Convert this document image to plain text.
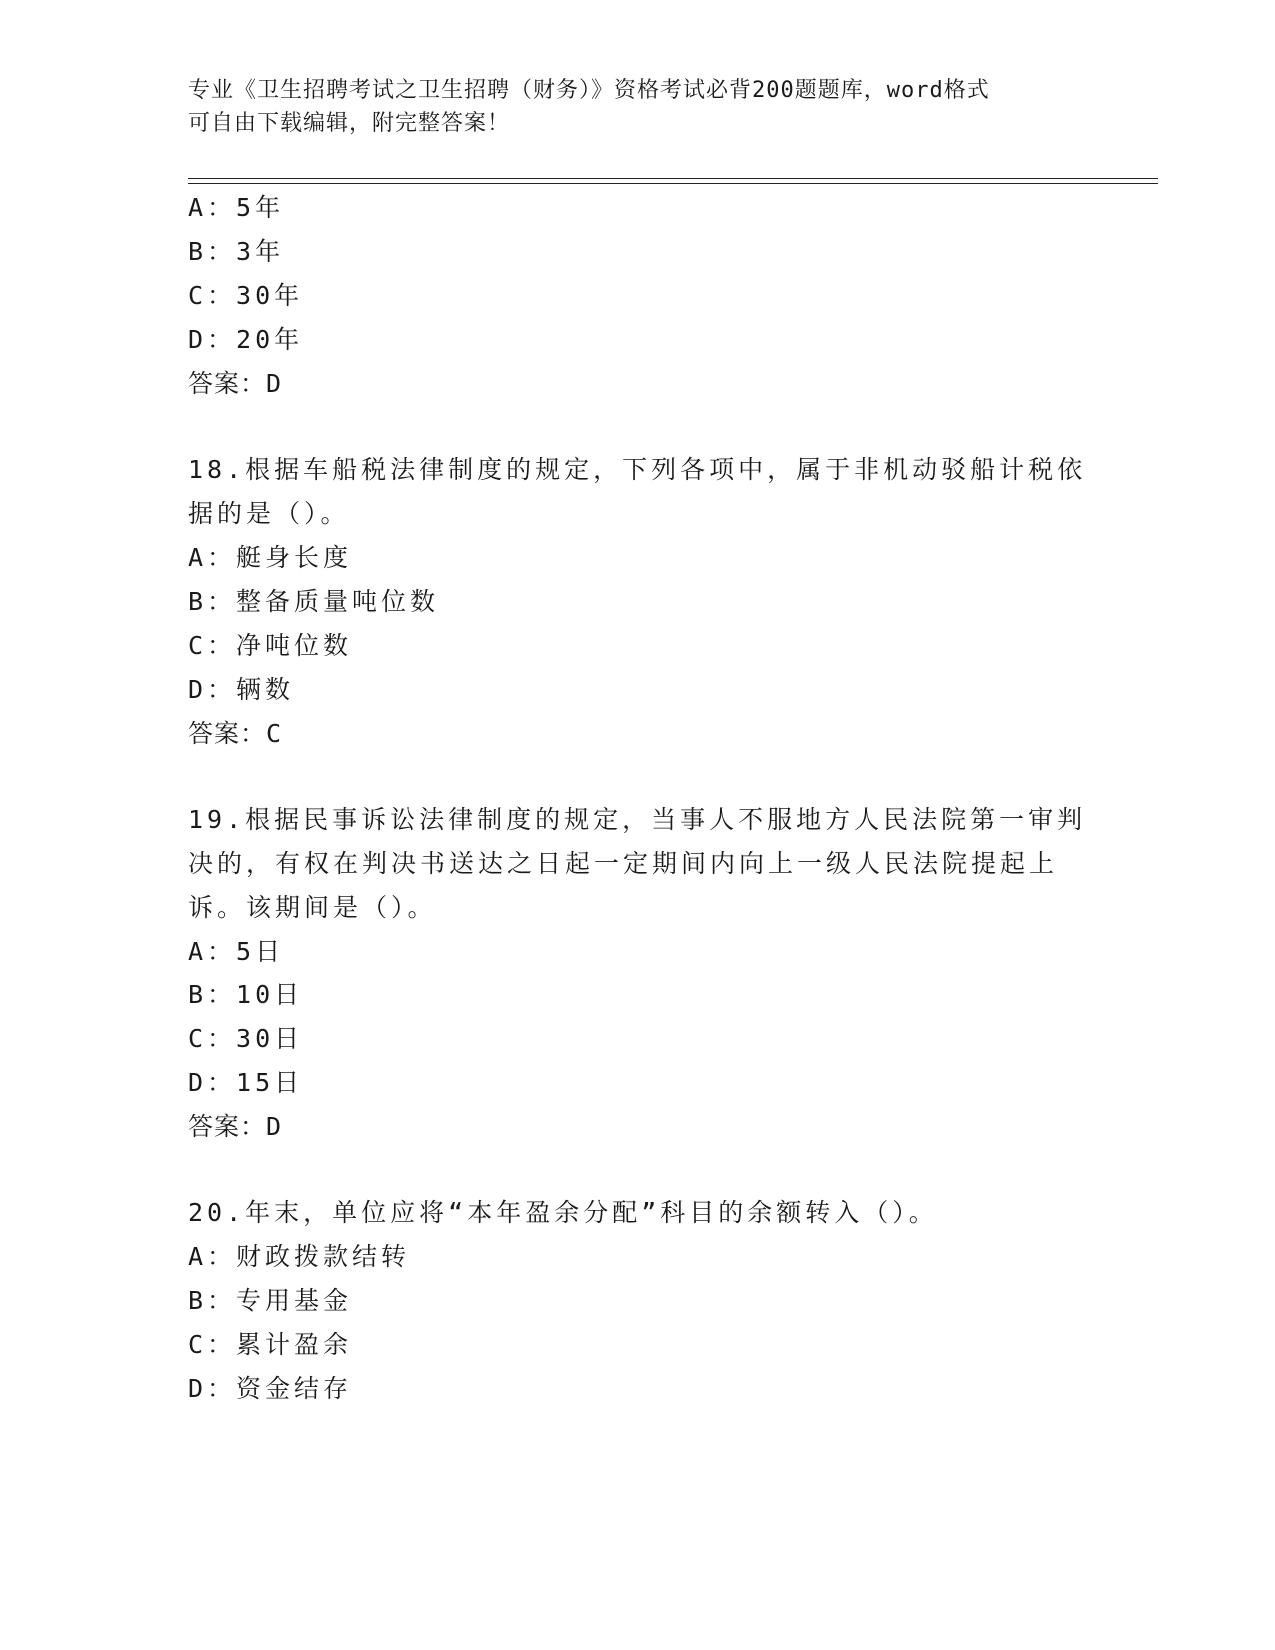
专业《卫生招聘考试之卫生招聘（财务）》资格考试必背200题题库，word格式
可自由下载编辑，附完整答案！
A：5年
B：3年
C：30年
D：20年
答案：D
18.根据车船税法律制度的规定，下列各项中，属于非机动驳船计税依
据的是（）。
A：艇身长度
B：整备质量吨位数
C：净吨位数
D：辆数
答案：C
19.根据民事诉讼法律制度的规定，当事人不服地方人民法院第一审判
决的，有权在判决书送达之日起一定期间内向上一级人民法院提起上
诉。该期间是（）。
A：5日
B：10日
C：30日
D：15日
答案：D
20.年末，单位应将“本年盈余分配”科目的余额转入（）。
A：财政拨款结转
B：专用基金
C：累计盈余
D：资金结存
